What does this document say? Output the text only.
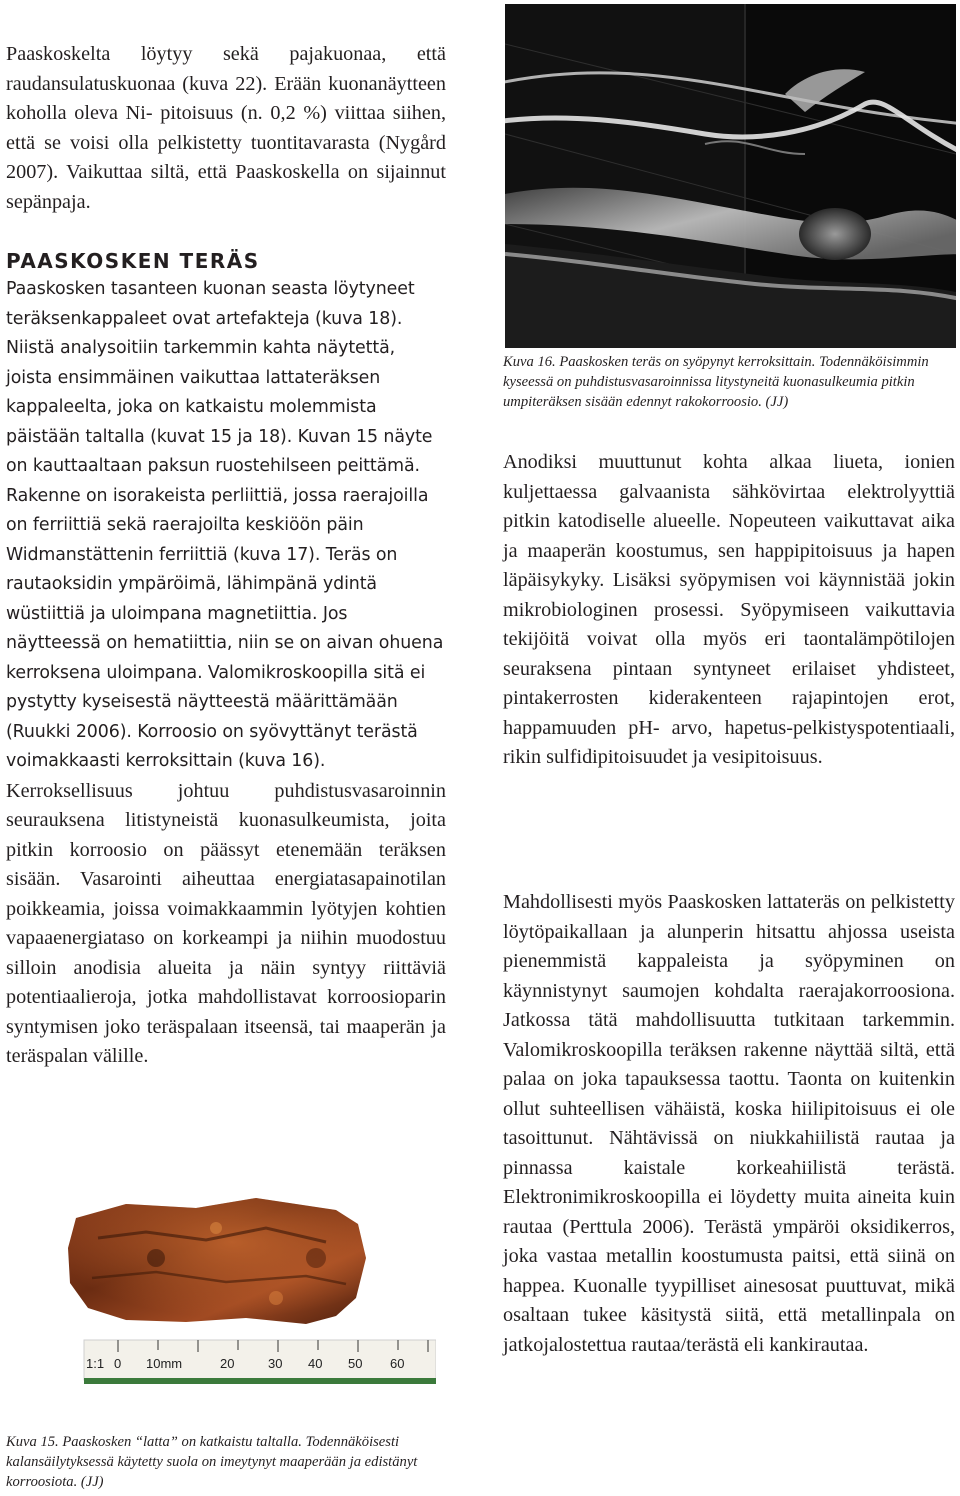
Paaskoskelta löytyy sekä pajakuonaa, että raudansulatuskuonaa (kuva 22). Erään kuonanäytteen koholla oleva Ni- pitoisuus (n. 0,2 %) viittaa siihen, että se voisi olla pelkistetty tuontitavarasta (Nygård 2007). Vaikuttaa siltä, että Paaskoskella on sijainnut sepänpaja.

PAASKOSKEN TERÄS

Paaskosken tasanteen kuonan seasta löytyneet teräksenkappaleet ovat artefakteja (kuva 18). Niistä analysoitiin tarkemmin kahta näytettä, joista ensimmäinen vaikuttaa lattateräksen kappaleelta, joka on katkaistu molemmista päistään taltalla (kuvat 15 ja 18). Kuvan 15 näyte on kauttaaltaan paksun ruostehilseen peittämä. Rakenne on isorakeista perliittiä, jossa raerajoilla on ferriittiä sekä raerajoilta keskiöön päin Widmanstättenin ferriittiä (kuva 17). Teräs on rautaoksidin ympäröimä, lähimpänä ydintä wüstiittiä ja uloimpana magnetiittia. Jos näytteessä on hematiittia, niin se on aivan ohuena kerroksena uloimpana. Valomikroskoopilla sitä ei pystytty kyseisestä näytteestä määrittämään (Ruukki 2006). Korroosio on syövyttänyt terästä voimakkaasti kerroksittain (kuva 16).

Kerroksellisuus johtuu puhdistusvasaroinnin seurauksena litistyneistä kuonasulkeumista, joita pitkin korroosio on päässyt etenemään teräksen sisään. Vasarointi aiheuttaa energiatasapainotilan poikkeamia, joissa voimakkaammin lyötyjen kohtien vapaaenergiataso on korkeampi ja niihin muodostuu silloin anodisia alueita ja näin syntyy riittäviä potentiaalieroja, jotka mahdollistavat korroosioparin syntymisen joko teräspalaan itseensä, tai maaperän ja teräspalan välille.

1:1 0 10mm	20	30 40 50 60

Kuva 15. Paaskosken “latta” on katkaistu taltalla. Todennäköisesti kalansäilytyksessä käytetty suola on imeytynyt maaperään ja edistänyt korroosiota. (JJ)

Kuva 16. Paaskosken teräs on syöpynyt kerroksittain. Todennäköisimmin kyseessä on puhdistusvasaroinnissa litystyneitä kuonasulkeumia pitkin umpiteräksen sisään edennyt rakokorroosio. (JJ)

Anodiksi muuttunut kohta alkaa liueta, ionien kuljettaessa galvaanista sähkövirtaa elektrolyyttiä pitkin katodiselle alueelle. Nopeuteen vaikuttavat aika ja maaperän koostumus, sen happipitoisuus ja hapen läpäisykyky. Lisäksi syöpymisen voi käynnistää jokin mikrobiologinen prosessi. Syöpymiseen vaikuttavia tekijöitä voivat olla myös eri taontalämpötilojen seuraksena pintaan syntyneet erilaiset yhdisteet, pintakerrosten kiderakenteen rajapintojen erot, happamuuden pH- arvo, hapetus-pelkistyspotentiaali, rikin sulfidipitoisuudet ja vesipitoisuus.

Mahdollisesti myös Paaskosken lattateräs on pelkistetty löytöpaikallaan ja alunperin hitsattu ahjossa useista pienemmistä kappaleista ja syöpyminen on käynnistynyt saumojen kohdalta raerajakorroosiona. Jatkossa tätä mahdollisuutta tutkitaan tarkemmin. Valomikroskoopilla teräksen rakenne näyttää siltä, että palaa on joka tapauksessa taottu. Taonta on kuitenkin ollut suhteellisen vähäistä, koska hiilipitoisuus ei ole tasoittunut. Nähtävissä on niukkahiilistä rautaa ja pinnassa kaistale korkeahiilistä terästä. Elektronimikroskoopilla ei löydetty muita aineita kuin rautaa (Perttula 2006). Terästä ympäröi oksidikerros, joka vastaa metallin koostumusta paitsi, että siinä on happea. Kuonalle tyypilliset ainesosat puuttuvat, mikä osaltaan tukee käsitystä siitä, että metallinpala on jatkojalostettua rautaa/terästä eli kankirautaa.
